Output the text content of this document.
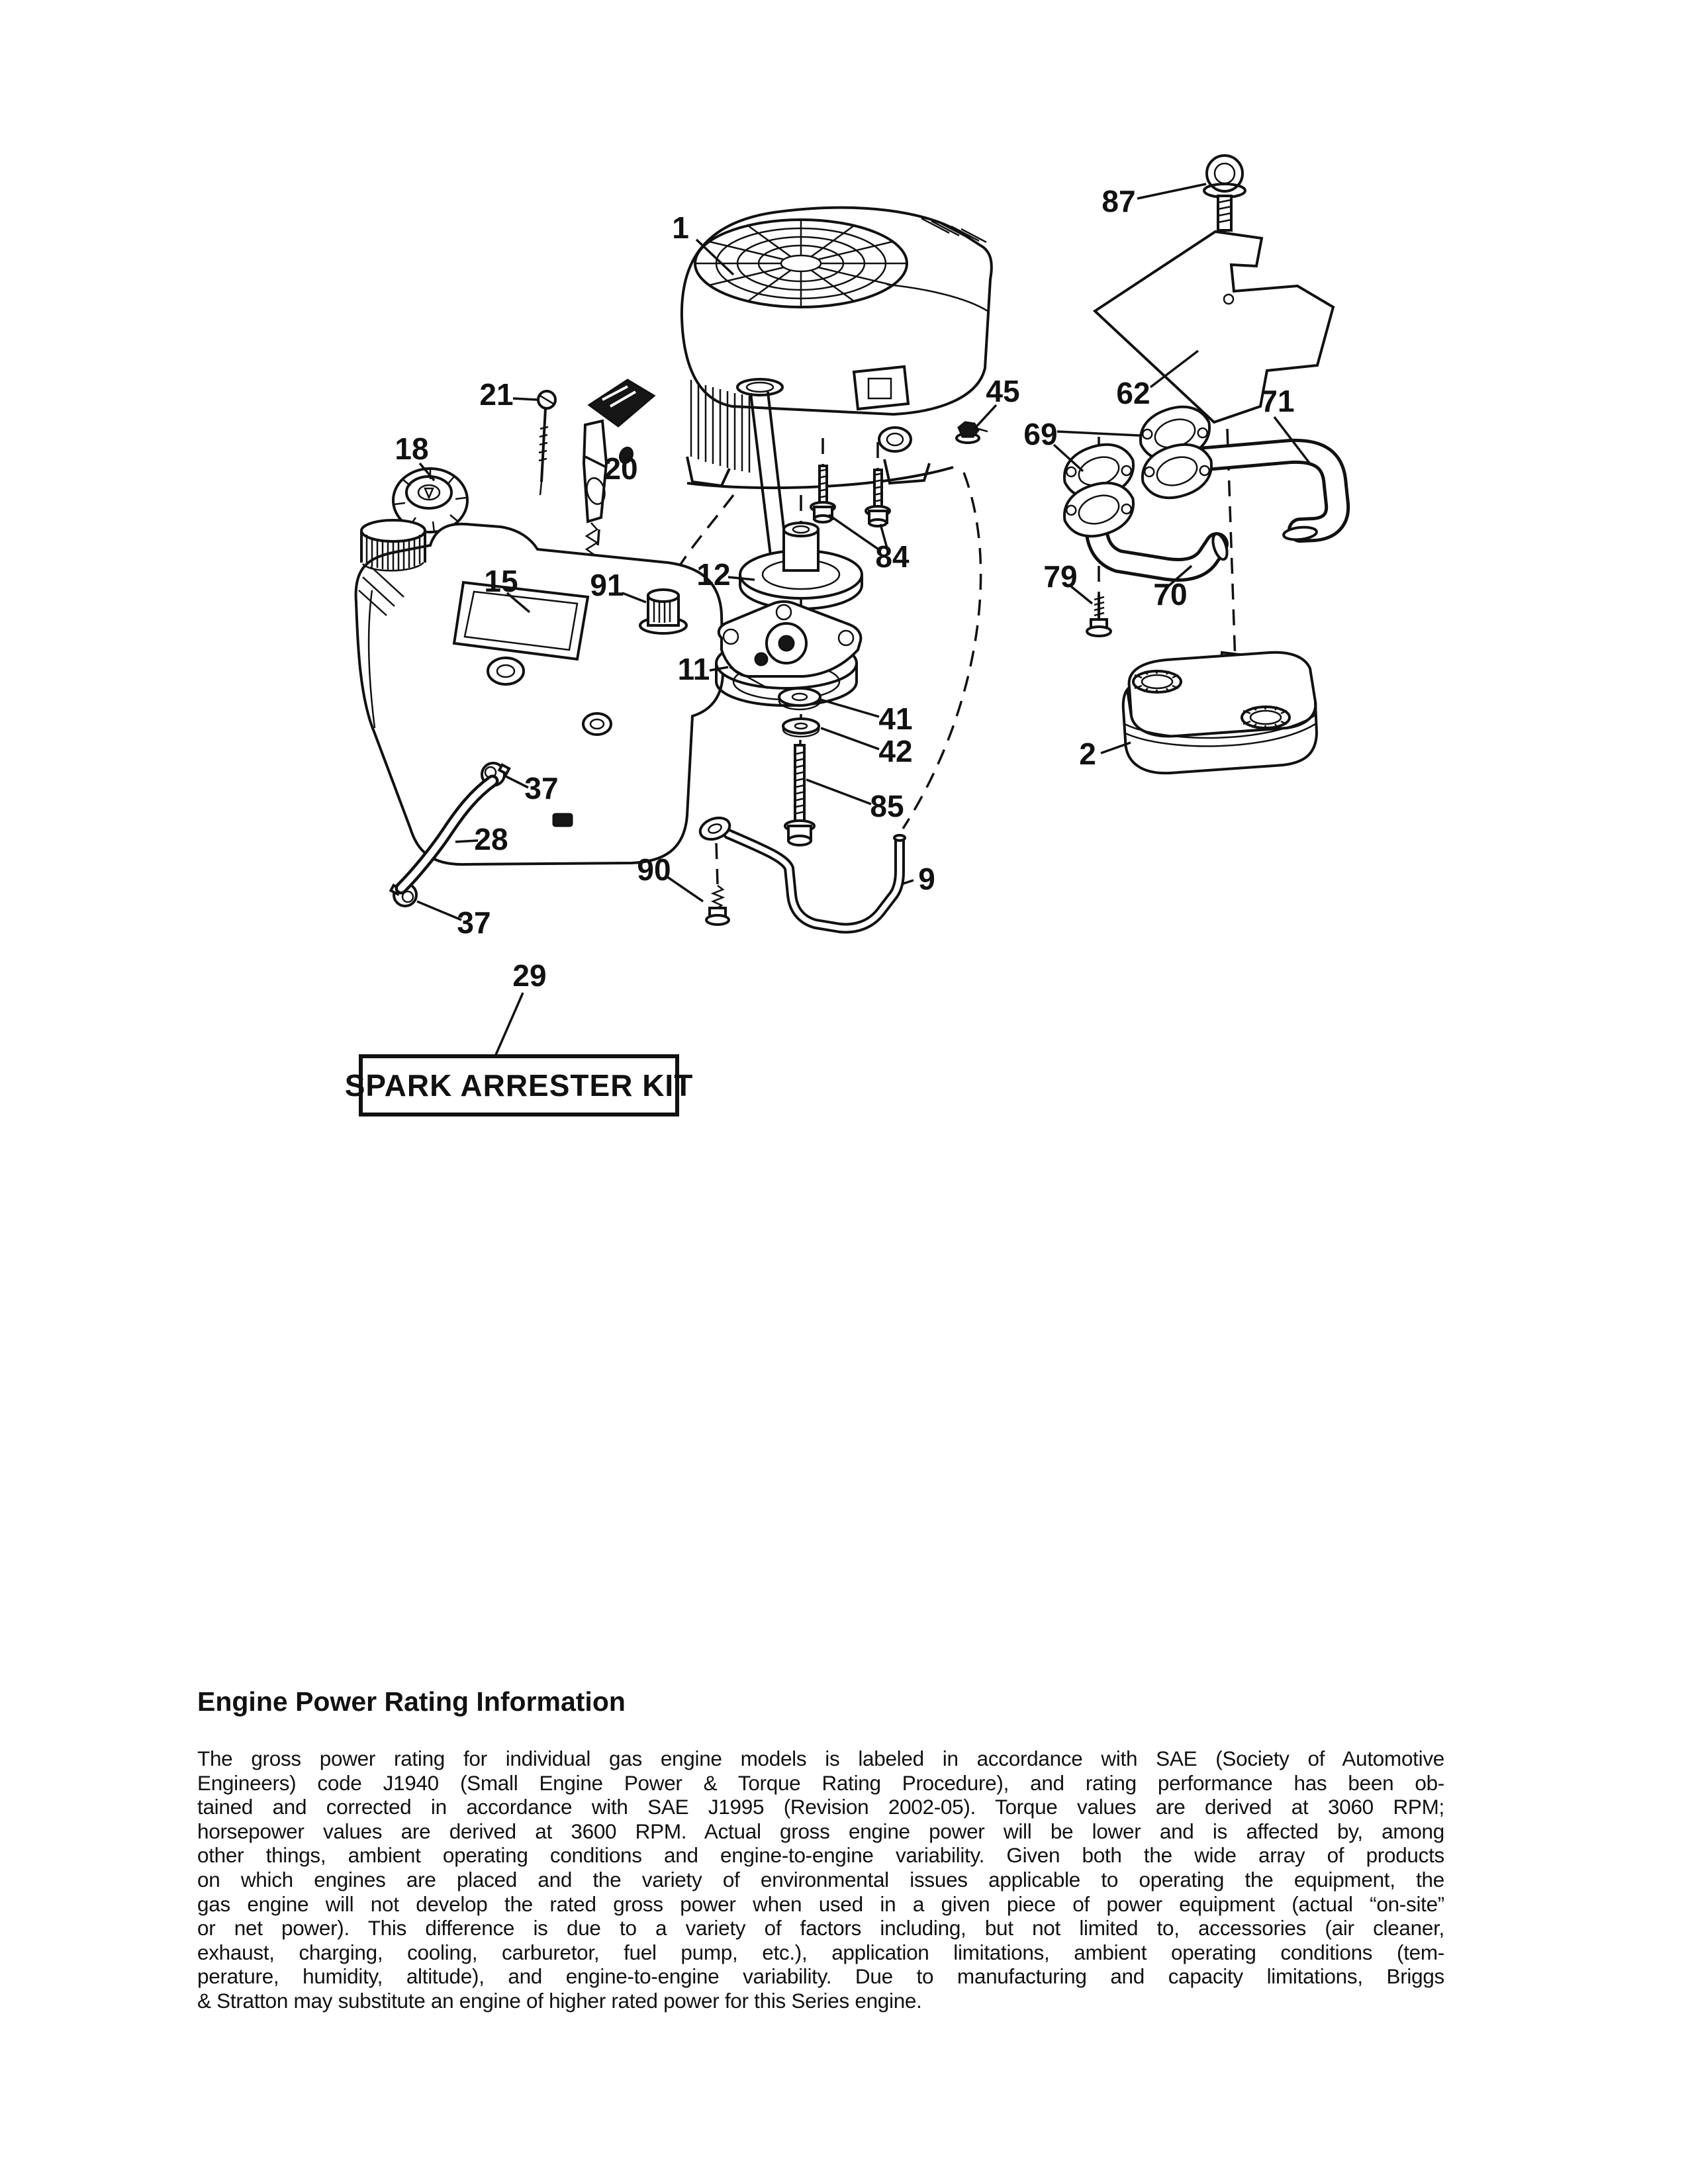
SPARK ARRESTER KIT
1
87
62
21
18
20
45
69
71
12
84
15 91	79
70
11
41
42	2
85
37
28
37
90	9
29
Engine Power Rating Information
The gross power rating for individual gas engine models is labeled in accordance with SAE (Society of Automotive
Engineers) code J1940 (Small Engine Power & Torque Rating Procedure), and rating performance has been ob-
tained and corrected in accordance with SAE J1995 (Revision 2002-05). Torque values are derived at 3060 RPM;
horsepower values are derived at 3600 RPM. Actual gross engine power will be lower and is affected by, among
other things, ambient operating conditions and engine-to-engine variability. Given both the wide array of products
on which engines are placed and the variety of environmental issues applicable to operating the equipment, the
gas engine will not develop the rated gross power when used in a given piece of power equipment (actual “on-site”
or net power). This difference is due to a variety of factors including, but not limited to, accessories (air cleaner,
exhaust, charging, cooling, carburetor, fuel pump, etc.), application limitations, ambient operating conditions (tem-
perature, humidity, altitude), and engine-to-engine variability. Due to manufacturing and capacity limitations, Briggs
& Stratton may substitute an engine of higher rated power for this Series engine.
